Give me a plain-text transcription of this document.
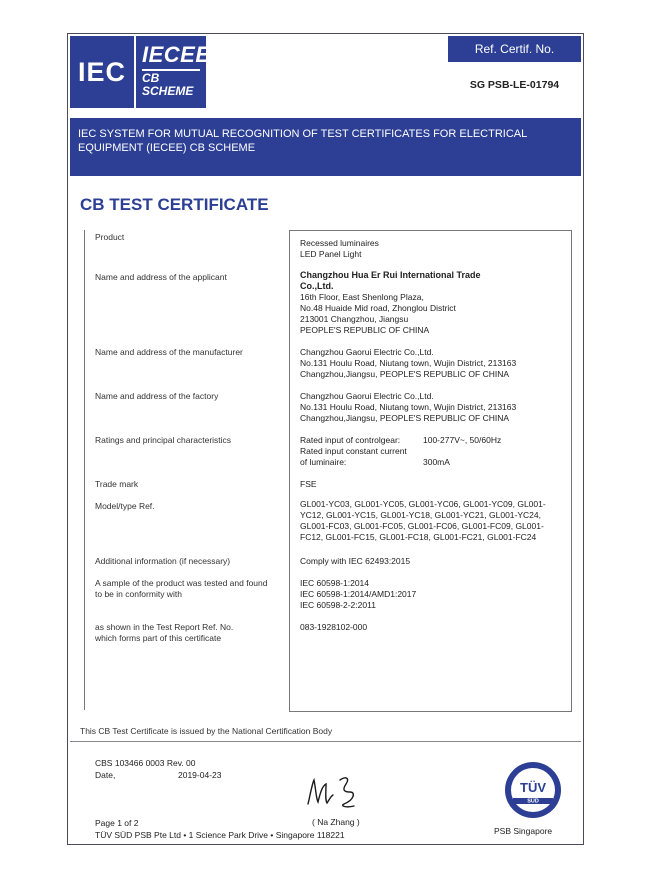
IEC
IECEE
CB
SCHEME
Ref. Certif. No.
SG PSB-LE-01794
IEC SYSTEM FOR MUTUAL RECOGNITION OF TEST CERTIFICATES FOR ELECTRICAL EQUIPMENT (IECEE) CB SCHEME
CB TEST CERTIFICATE
Product
Recessed luminaires
LED Panel Light
Name and address of the applicant	Changzhou Hua Er Rui International Trade
Co.,Ltd.
16th Floor, East Shenlong Plaza,
No.48 Huaide Mid road, Zhonglou District
213001 Changzhou, Jiangsu
PEOPLE'S REPUBLIC OF CHINA
Name and address of the manufacturer	Changzhou Gaorui Electric Co.,Ltd.
No.131 Houlu Road, Niutang town, Wujin District, 213163
Changzhou,Jiangsu, PEOPLE'S REPUBLIC OF CHINA
Name and address of the factory	Changzhou Gaorui Electric Co.,Ltd.
No.131 Houlu Road, Niutang town, Wujin District, 213163
Changzhou,Jiangsu, PEOPLE'S REPUBLIC OF CHINA
Ratings and principal characteristics	Rated input of controlgear:	100-277V~, 50/60Hz
Rated input constant current
of luminaire:	300mA
Trade mark	FSE
Model/type Ref.	GL001-YC03, GL001-YC05, GL001-YC06, GL001-YC09, GL001-
YC12, GL001-YC15, GL001-YC18, GL001-YC21, GL001-YC24,
GL001-FC03, GL001-FC05, GL001-FC06, GL001-FC09, GL001-
FC12, GL001-FC15, GL001-FC18, GL001-FC21, GL001-FC24
Additional information (if necessary)	Comply with IEC 62493:2015
A sample of the product was tested and found
to be in conformity with
IEC 60598-1:2014
IEC 60598-1:2014/AMD1:2017
IEC 60598-2-2:2011
as shown in the Test Report Ref. No.
which forms part of this certificate
083-1928102-000
This CB Test Certificate is issued by the National Certification Body
CBS 103466 0003 Rev. 00
Date,	2019-04-23
( Na Zhang )
Page 1 of 2
TÜV SÜD PSB Pte Ltd • 1 Science Park Drive • Singapore 118221
TÜV
SÜD
PSB Singapore
